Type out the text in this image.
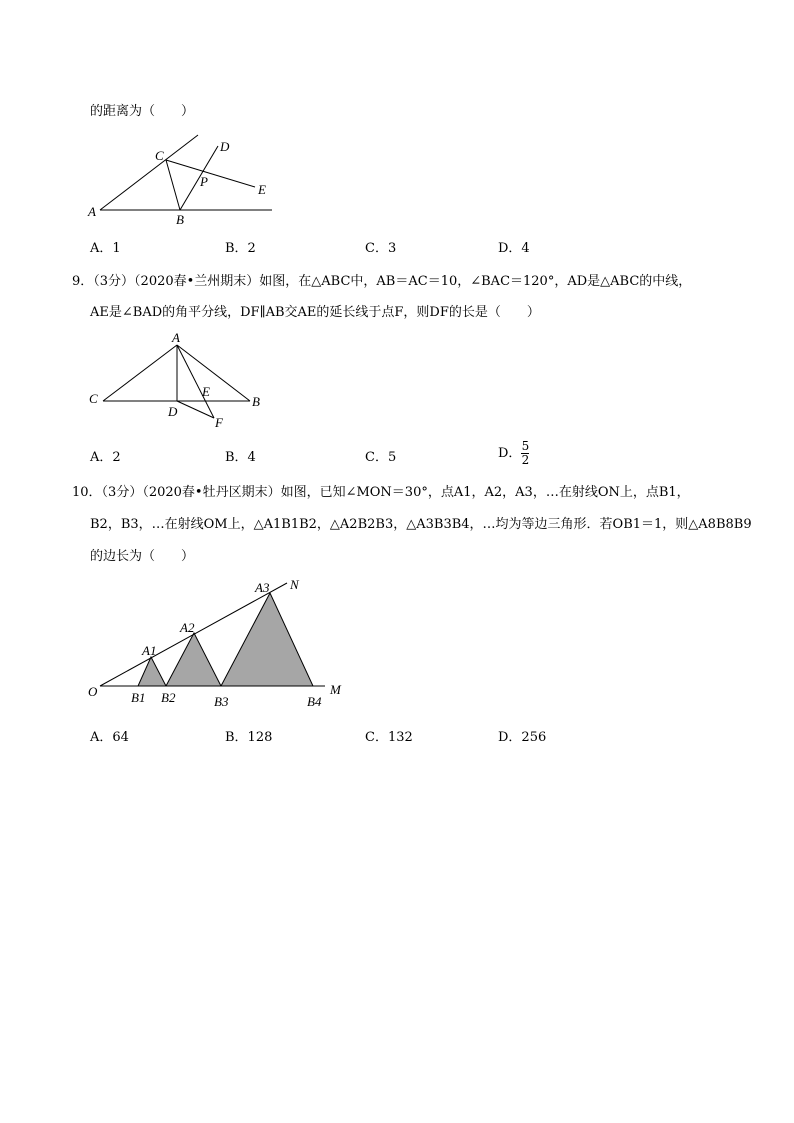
的距离为（　　）
A
B
C
D
E
P
A．1	B．2	C．3	D．4
9．（3分）（2020春•兰州期末）如图，在△ABC中，AB＝AC＝10，∠BAC＝120°，AD是△ABC的中线，
AE是∠BAD的角平分线，DF∥AB交AE的延长线于点F，则DF的长是（　　）
A
B
C
D
E
F
A．2	B．4	C．5	D． $\frac{5}{2}$
10．（3分）（2020春•牡丹区期末）如图，已知∠MON＝30°，点A1，A2，A3，…在射线ON上，点B1，
B2，B3，…在射线OM上，△A1B1B2，△A2B2B3，△A3B3B4，…均为等边三角形．若OB1＝1，则△A8B8B9
的边长为（　　）
O	M
N
A1
A2
A3
B1 B2	B3	B4
A．64	B．128	C．132	D．256
